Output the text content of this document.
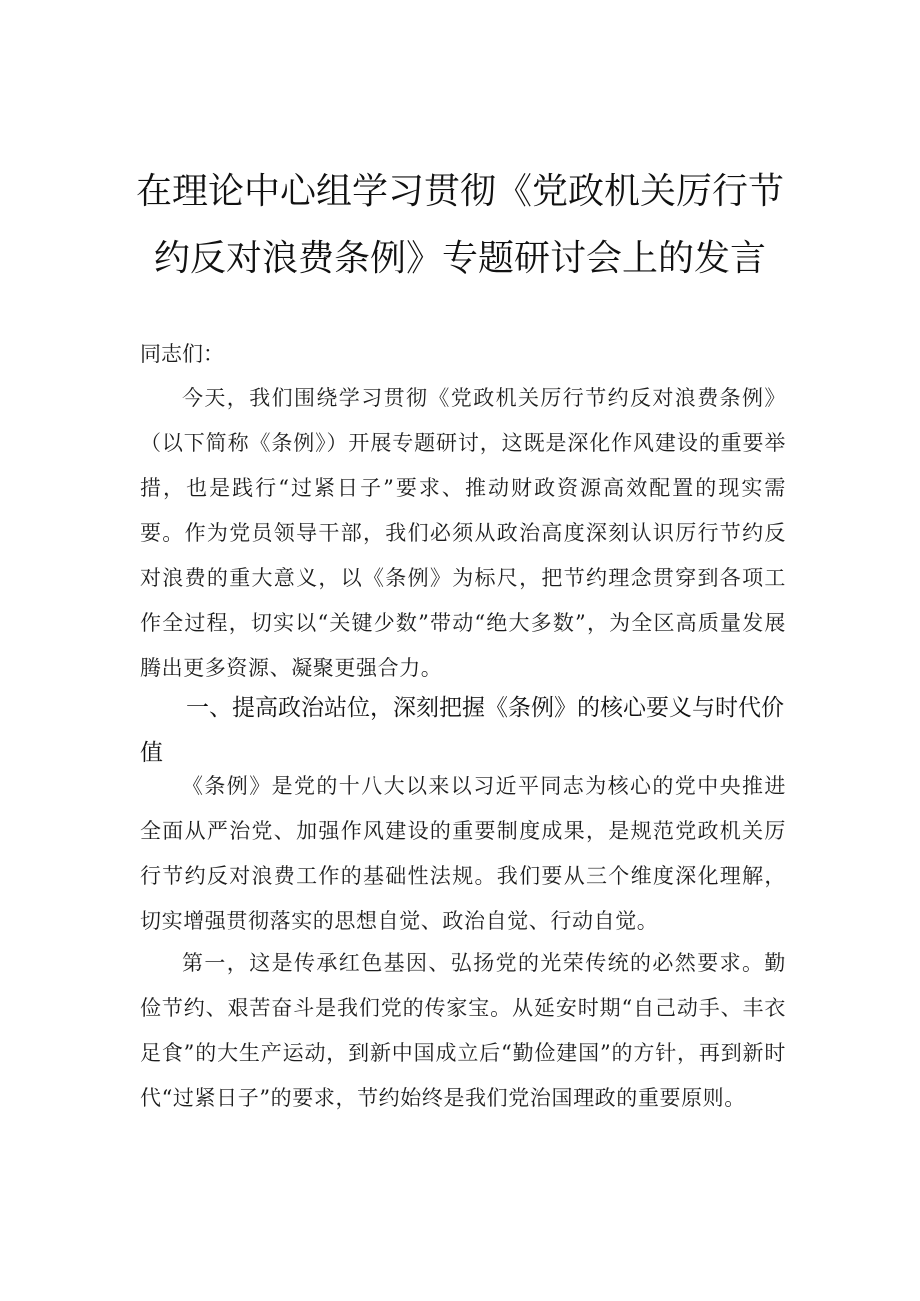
在理论中心组学习贯彻《党政机关厉行节
约反对浪费条例》专题研讨会上的发言
同志们：

今天，我们围绕学习贯彻《党政机关厉行节约反对浪费条例》（以下简称《条例》）开展专题研讨，这既是深化作风建设的重要举措，也是践行“过紧日子”要求、推动财政资源高效配置的现实需要。作为党员领导干部，我们必须从政治高度深刻认识厉行节约反对浪费的重大意义，以《条例》为标尺，把节约理念贯穿到各项工作全过程，切实以“关键少数”带动“绝大多数”，为全区高质量发展腾出更多资源、凝聚更强合力。

一、提高政治站位，深刻把握《条例》的核心要义与时代价值

《条例》是党的十八大以来以习近平同志为核心的党中央推进全面从严治党、加强作风建设的重要制度成果，是规范党政机关厉行节约反对浪费工作的基础性法规。我们要从三个维度深化理解，切实增强贯彻落实的思想自觉、政治自觉、行动自觉。

第一，这是传承红色基因、弘扬党的光荣传统的必然要求。勤俭节约、艰苦奋斗是我们党的传家宝。从延安时期“自己动手、丰衣足食”的大生产运动，到新中国成立后“勤俭建国”的方针，再到新时代“过紧日子”的要求，节约始终是我们党治国理政的重要原则。
